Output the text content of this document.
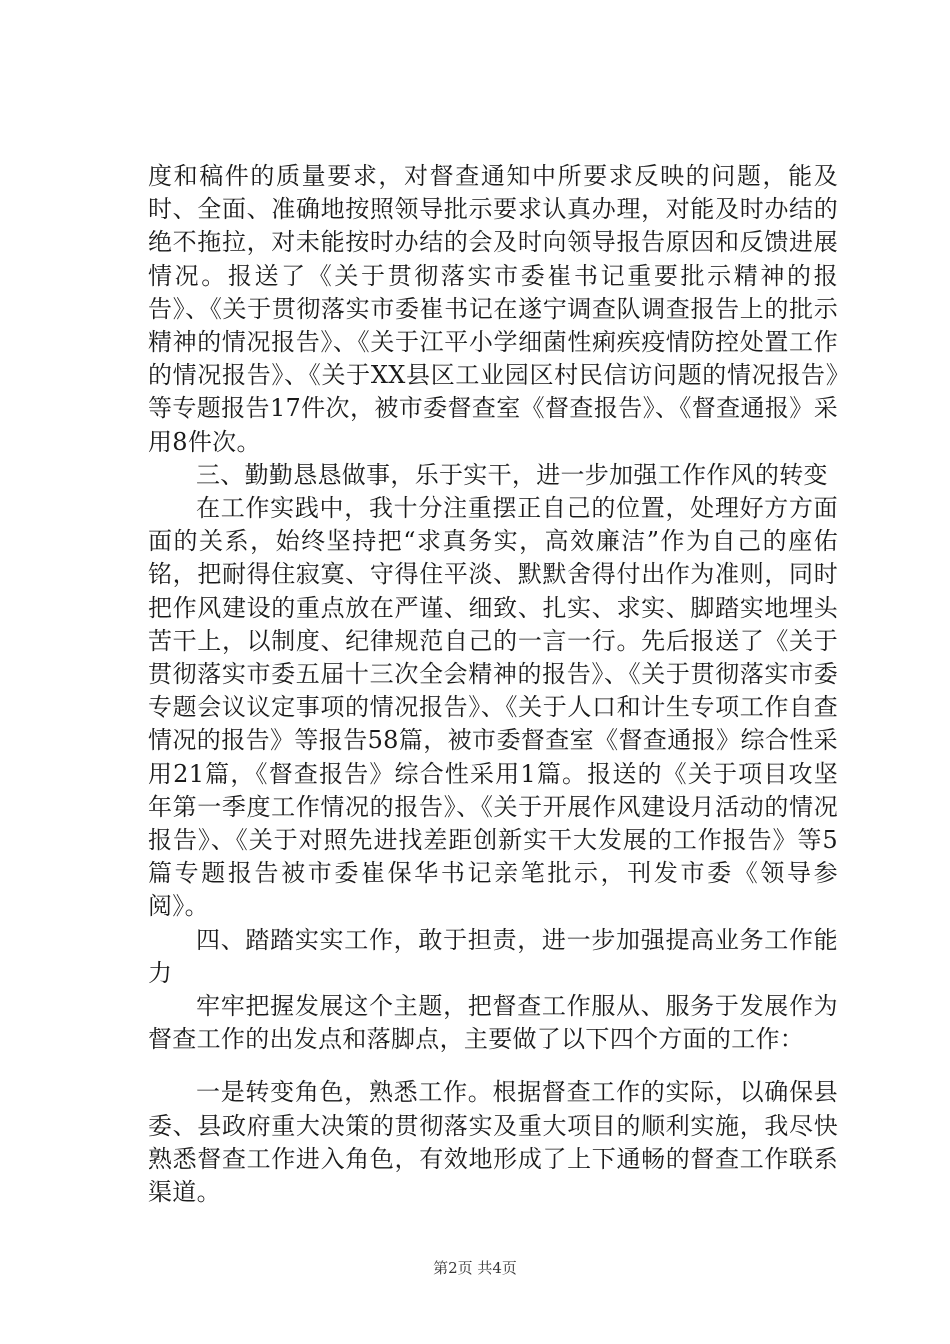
度和稿件的质量要求，对督查通知中所要求反映的问题，能及时、全面、准确地按照领导批示要求认真办理，对能及时办结的绝不拖拉，对未能按时办结的会及时向领导报告原因和反馈进展情况。报送了《关于贯彻落实市委崔书记重要批示精神的报告》、《关于贯彻落实市委崔书记在遂宁调查队调查报告上的批示精神的情况报告》、《关于江平小学细菌性痢疾疫情防控处置工作的情况报告》、《关于XX县区工业园区村民信访问题的情况报告》等专题报告17件次，被市委督查室《督查报告》、《督查通报》采用8件次。

三、勤勤恳恳做事，乐于实干，进一步加强工作作风的转变

在工作实践中，我十分注重摆正自己的位置，处理好方方面面的关系，始终坚持把“求真务实，高效廉洁”作为自己的座佑铭，把耐得住寂寞、守得住平淡、默默舍得付出作为准则，同时把作风建设的重点放在严谨、细致、扎实、求实、脚踏实地埋头苦干上，以制度、纪律规范自己的一言一行。先后报送了《关于贯彻落实市委五届十三次全会精神的报告》、《关于贯彻落实市委专题会议议定事项的情况报告》、《关于人口和计生专项工作自查情况的报告》等报告58篇，被市委督查室《督查通报》综合性采用21篇，《督查报告》综合性采用1篇。报送的《关于项目攻坚年第一季度工作情况的报告》、《关于开展作风建设月活动的情况报告》、《关于对照先进找差距创新实干大发展的工作报告》等5篇专题报告被市委崔保华书记亲笔批示，刊发市委《领导参阅》。

四、踏踏实实工作，敢于担责，进一步加强提高业务工作能力

牢牢把握发展这个主题，把督查工作服从、服务于发展作为督查工作的出发点和落脚点，主要做了以下四个方面的工作：

一是转变角色，熟悉工作。根据督查工作的实际，以确保县委、县政府重大决策的贯彻落实及重大项目的顺利实施，我尽快熟悉督查工作进入角色，有效地形成了上下通畅的督查工作联系渠道。

第2页 共4页
